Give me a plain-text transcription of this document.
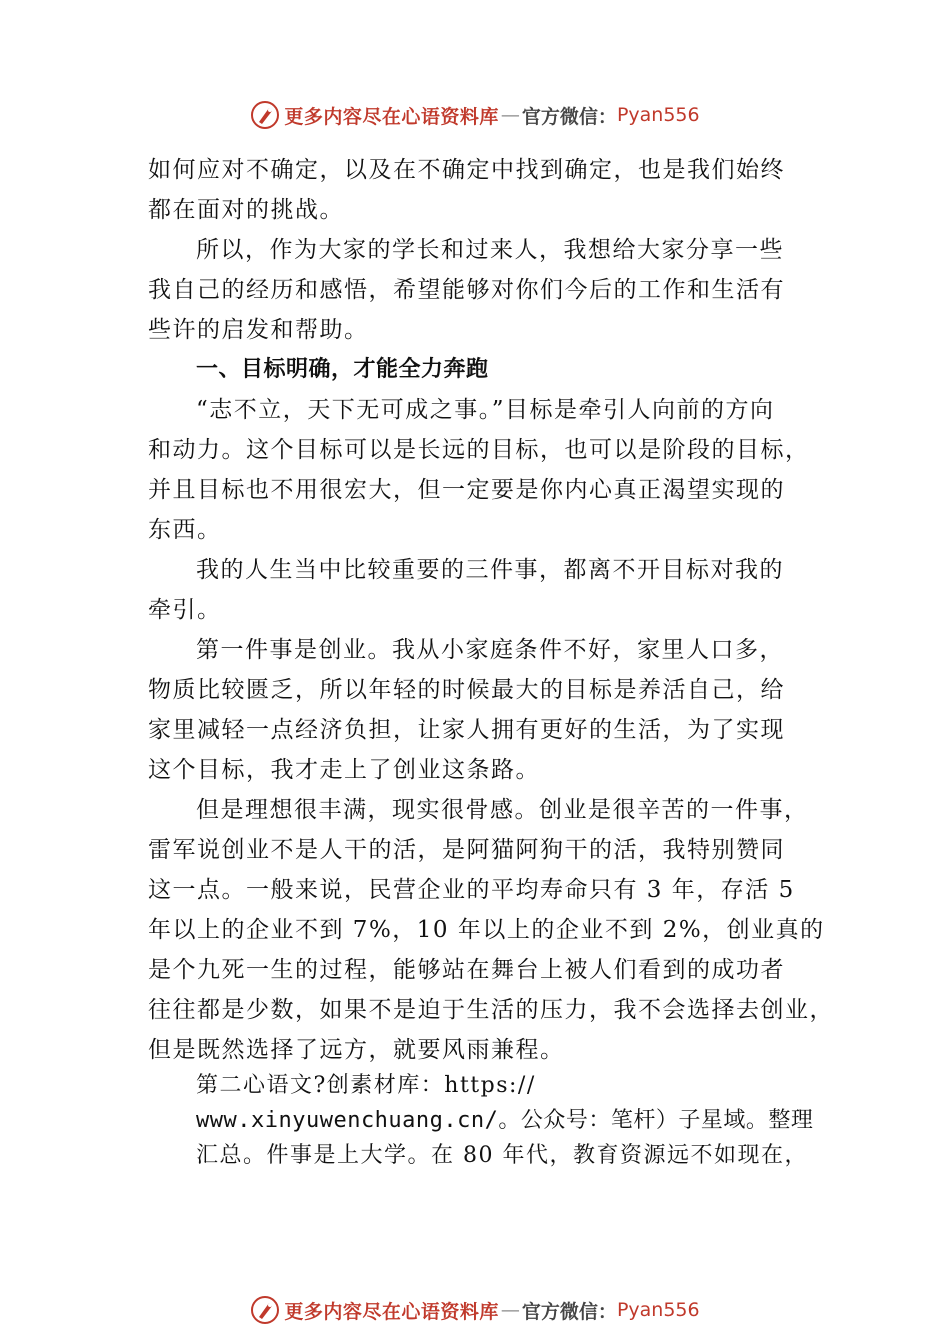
更多内容尽在心语资料库 — 官方微信： Pyan556
如何应对不确定，以及在不确定中找到确定，也是我们始终
都在面对的挑战。
所以，作为大家的学长和过来人，我想给大家分享一些
我自己的经历和感悟，希望能够对你们今后的工作和生活有
些许的启发和帮助。
一、目标明确，才能全力奔跑
“志不立，天下无可成之事。”目标是牵引人向前的方向
和动力。这个目标可以是长远的目标，也可以是阶段的目标，
并且目标也不用很宏大，但一定要是你内心真正渴望实现的
东西。
我的人生当中比较重要的三件事，都离不开目标对我的
牵引。
第一件事是创业。我从小家庭条件不好，家里人口多，
物质比较匮乏，所以年轻的时候最大的目标是养活自己，给
家里减轻一点经济负担，让家人拥有更好的生活，为了实现
这个目标，我才走上了创业这条路。
但是理想很丰满，现实很骨感。创业是很辛苦的一件事，
雷军说创业不是人干的活，是阿猫阿狗干的活，我特别赞同
这一点。一般来说，民营企业的平均寿命只有 3 年，存活 5
年以上的企业不到 7%，10 年以上的企业不到 2%，创业真的
是个九死一生的过程，能够站在舞台上被人们看到的成功者
往往都是少数，如果不是迫于生活的压力，我不会选择去创业，
但是既然选择了远方，就要风雨兼程。
第二心语文?创素材库：https://
www.xinyuwenchuang.cn/。公众号：笔杆）子星域。整理
汇总。件事是上大学。在 80 年代，教育资源远不如现在，
更多内容尽在心语资料库 — 官方微信： Pyan556
